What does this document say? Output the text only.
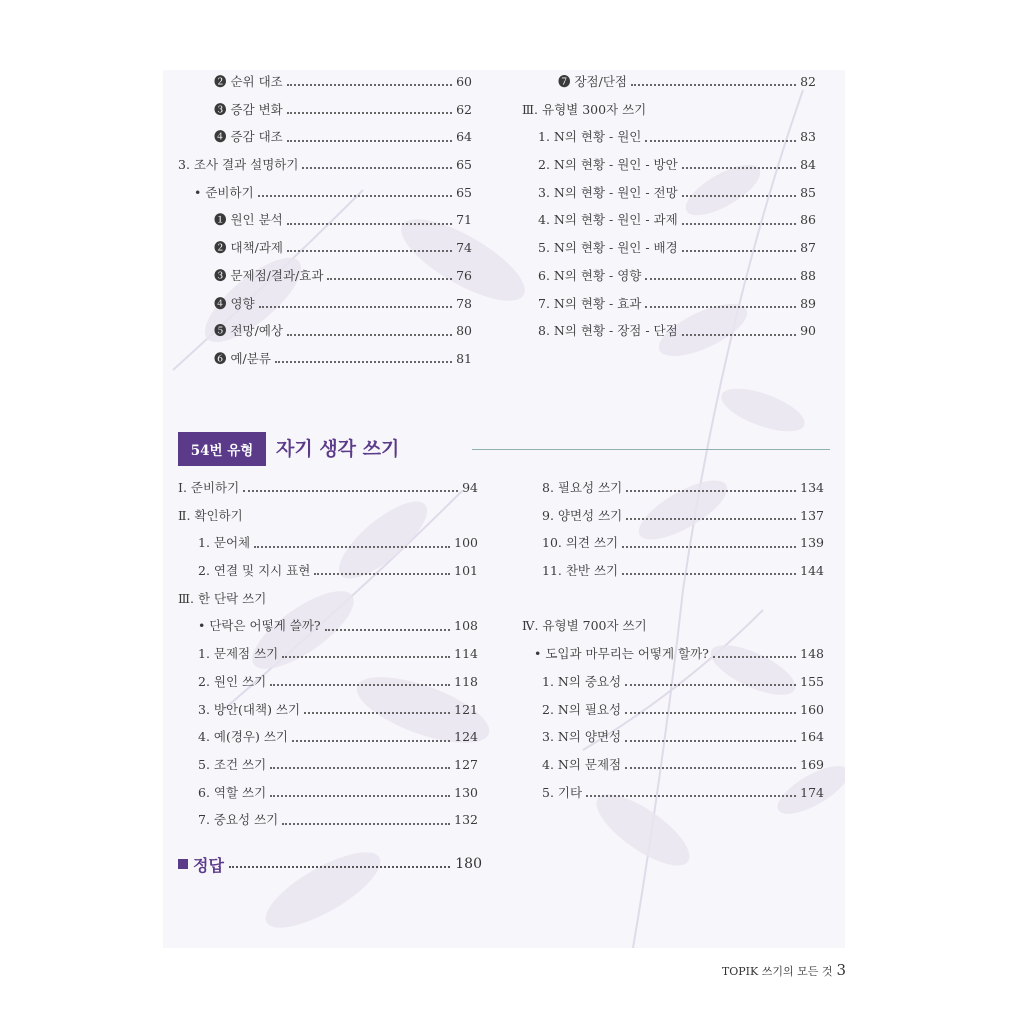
❷ 순위 대조	60
❸ 증감 변화	62
❹ 증감 대조	64
3. 조사 결과 설명하기	65
• 준비하기	65
❶ 원인 분석	71
❷ 대책/과제	74
❸ 문제점/결과/효과	76
❹ 영향	78
❺ 전망/예상	80
❻ 예/분류	81
❼ 장점/단점	82
Ⅲ. 유형별 300자 쓰기
1. N의 현황 - 원인	83
2. N의 현황 - 원인 - 방안	84
3. N의 현황 - 원인 - 전망	85
4. N의 현황 - 원인 - 과제	86
5. N의 현황 - 원인 - 배경	87
6. N의 현황 - 영향	88
7. N의 현황 - 효과	89
8. N의 현황 - 장점 - 단점	90
54번 유형	자기 생각 쓰기
Ⅰ. 준비하기	94
Ⅱ. 확인하기
1. 문어체	100
2. 연결 및 지시 표현	101
Ⅲ. 한 단락 쓰기
• 단락은 어떻게 쓸까?	108
1. 문제점 쓰기	114
2. 원인 쓰기	118
3. 방안(대책) 쓰기	121
4. 예(경우) 쓰기	124
5. 조건 쓰기	127
6. 역할 쓰기	130
7. 중요성 쓰기	132
8. 필요성 쓰기	134
9. 양면성 쓰기	137
10. 의견 쓰기	139
11. 찬반 쓰기	144
Ⅳ. 유형별 700자 쓰기
• 도입과 마무리는 어떻게 할까?	148
1. N의 중요성	155
2. N의 필요성	160
3. N의 양면성	164
4. N의 문제점	169
5. 기타	174
정답	180
TOPIK 쓰기의 모든 것 3
